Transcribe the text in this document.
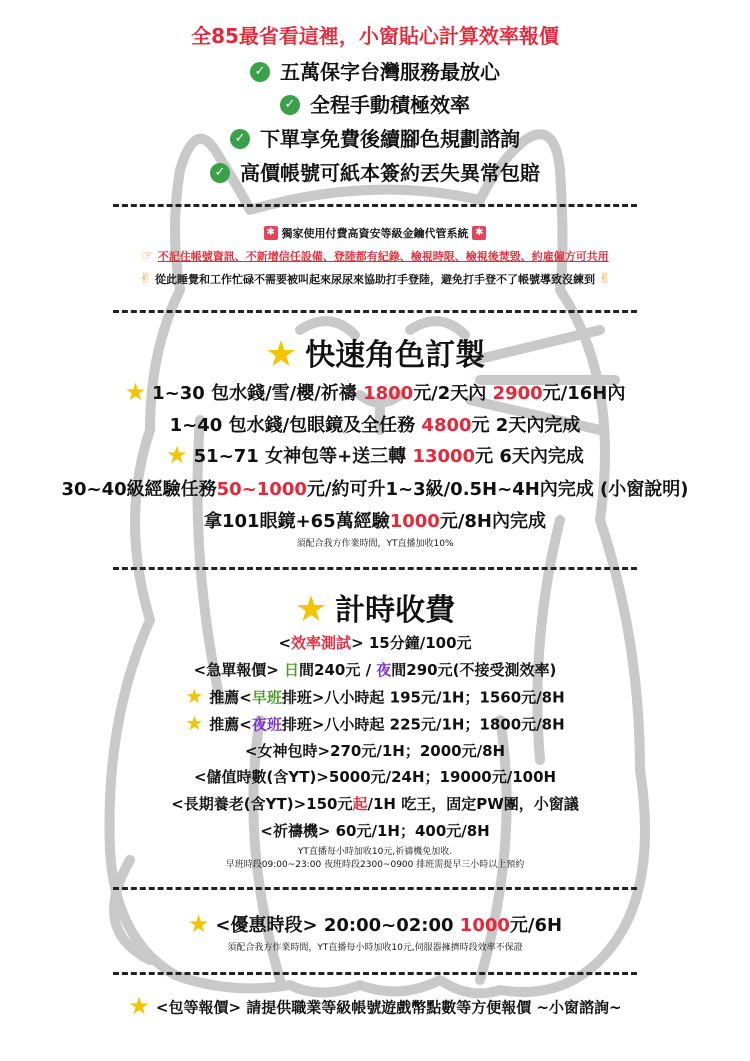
全85最省看這裡，小窗貼心計算效率報價
✓ 五萬保字台灣服務最放心
✓ 全程手動積極效率
✓ 下單享免費後續腳色規劃諮詢
✓ 高價帳號可紙本簽約丟失異常包賠
✱ 獨家使用付費高資安等級金鑰代管系統 ✱
☞ 不記住帳號資訊、不新增信任設備、登陸都有紀錄、檢視時限、檢視後焚毀、約雇僱方可共用
✌ 從此睡覺和工作忙碌不需要被叫起來尿尿來協助打手登陸，避免打手登不了帳號導致沒練到 ✌
★ 快速角色訂製
★ 1~30 包水錢/雪/櫻/祈禱 1800元/2天內 2900元/16H內
1~40 包水錢/包眼鏡及全任務 4800元 2天內完成
★ 51~71 女神包等+送三轉 13000元 6天內完成
30~40級經驗任務50~1000元/約可升1~3級/0.5H~4H內完成 (小窗說明)
拿101眼鏡+65萬經驗1000元/8H內完成
須配合我方作業時間，YT直播加收10%
★ 計時收費
<效率測試> 15分鐘/100元
<急單報價> 日間240元 / 夜間290元(不接受測效率)
★ 推薦<早班排班>八小時起 195元/1H；1560元/8H
★ 推薦<夜班排班>八小時起 225元/1H；1800元/8H
<女神包時>270元/1H；2000元/8H
<儲值時數(含YT)>5000元/24H；19000元/100H
<長期養老(含YT)>150元起/1H 吃王，固定PW團，小窗議
<祈禱機> 60元/1H；400元/8H
YT直播每小時加收10元,祈禱機免加收.
早班時段09:00~23:00 夜班時段2300~0900 排班需提早三小時以上預約
★ <優惠時段> 20:00~02:00 1000元/6H
須配合我方作業時間，YT直播每小時加收10元,伺服器擁擠時段效率不保證
★ <包等報價> 請提供職業等級帳號遊戲幣點數等方便報價 ~小窗諮詢~
